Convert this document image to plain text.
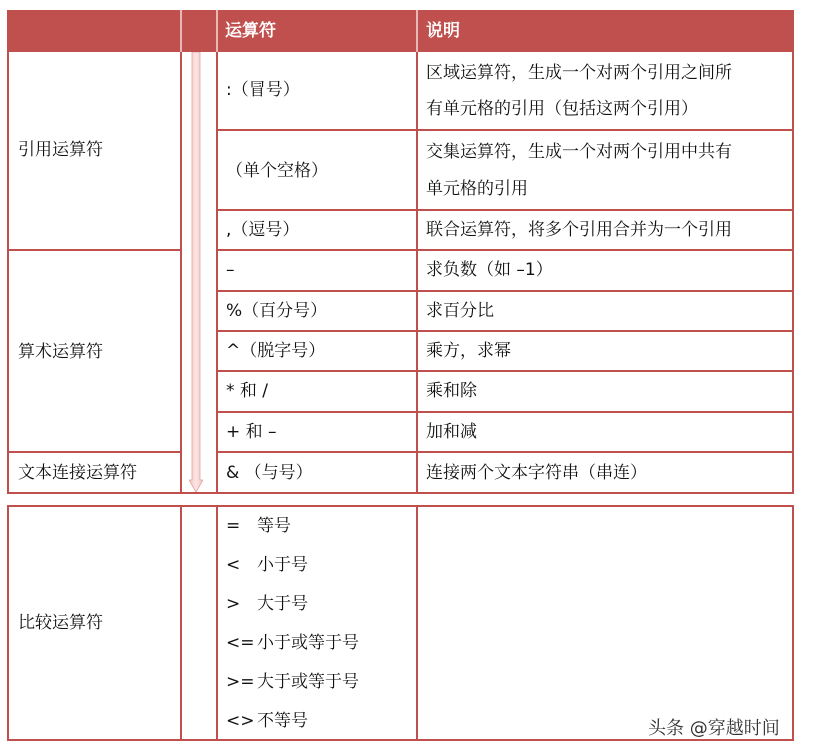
运算符	说明
引用运算符
算术运算符
文本连接运算符
:（冒号）
（单个空格）
,（逗号）
–
%（百分号）
^（脱字号）
* 和 /
+ 和 –
& （与号）
区域运算符，生成一个对两个引用之间所
有单元格的引用（包括这两个引用）
交集运算符，生成一个对两个引用中共有
单元格的引用
联合运算符，将多个引用合并为一个引用
求负数（如 –1）
求百分比
乘方，求幂
乘和除
加和减
连接两个文本字符串（串连）
比较运算符
= 等号
< 小于号
> 大于号
<= 小于或等于号
>= 大于或等于号
<> 不等号	头条 @穿越时间
